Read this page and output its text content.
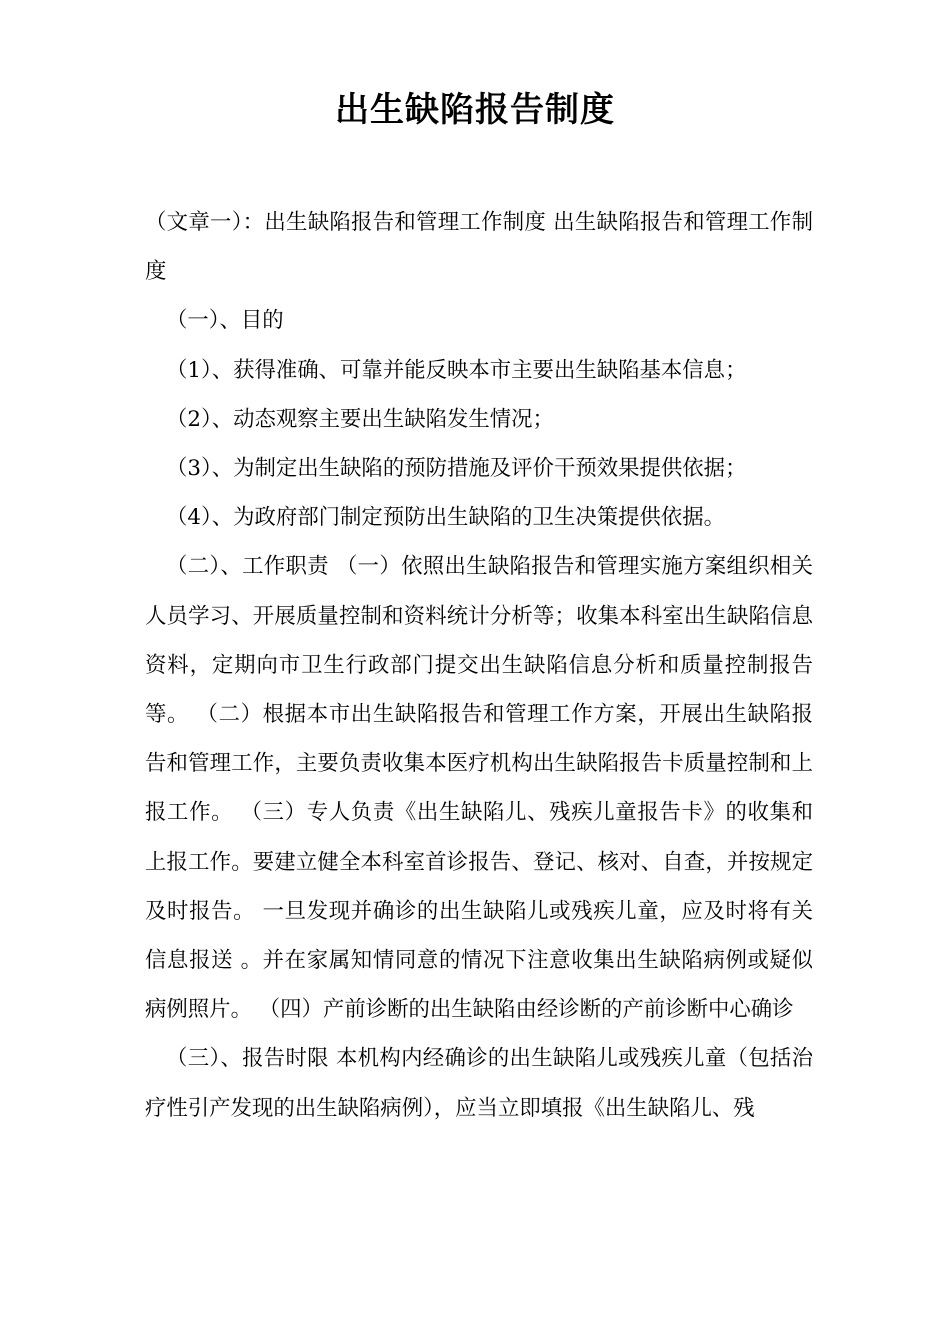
出生缺陷报告制度

（文章一）：出生缺陷报告和管理工作制度 出生缺陷报告和管理工作制度

（一）、目的

（1）、获得准确、可靠并能反映本市主要出生缺陷基本信息；

（2）、动态观察主要出生缺陷发生情况；

（3）、为制定出生缺陷的预防措施及评价干预效果提供依据；

（4）、为政府部门制定预防出生缺陷的卫生决策提供依据。

（二）、工作职责 （一）依照出生缺陷报告和管理实施方案组织相关人员学习、开展质量控制和资料统计分析等；收集本科室出生缺陷信息资料，定期向市卫生行政部门提交出生缺陷信息分析和质量控制报告等。 （二）根据本市出生缺陷报告和管理工作方案，开展出生缺陷报告和管理工作，主要负责收集本医疗机构出生缺陷报告卡质量控制和上报工作。 （三）专人负责《出生缺陷儿、残疾儿童报告卡》的收集和上报工作。要建立健全本科室首诊报告、登记、核对、自查，并按规定及时报告。 一旦发现并确诊的出生缺陷儿或残疾儿童，应及时将有关信息报送 。并在家属知情同意的情况下注意收集出生缺陷病例或疑似病例照片。 （四）产前诊断的出生缺陷由经诊断的产前诊断中心确诊

（三）、报告时限 本机构内经确诊的出生缺陷儿或残疾儿童（包括治疗性引产发现的出生缺陷病例），应当立即填报《出生缺陷儿、残
